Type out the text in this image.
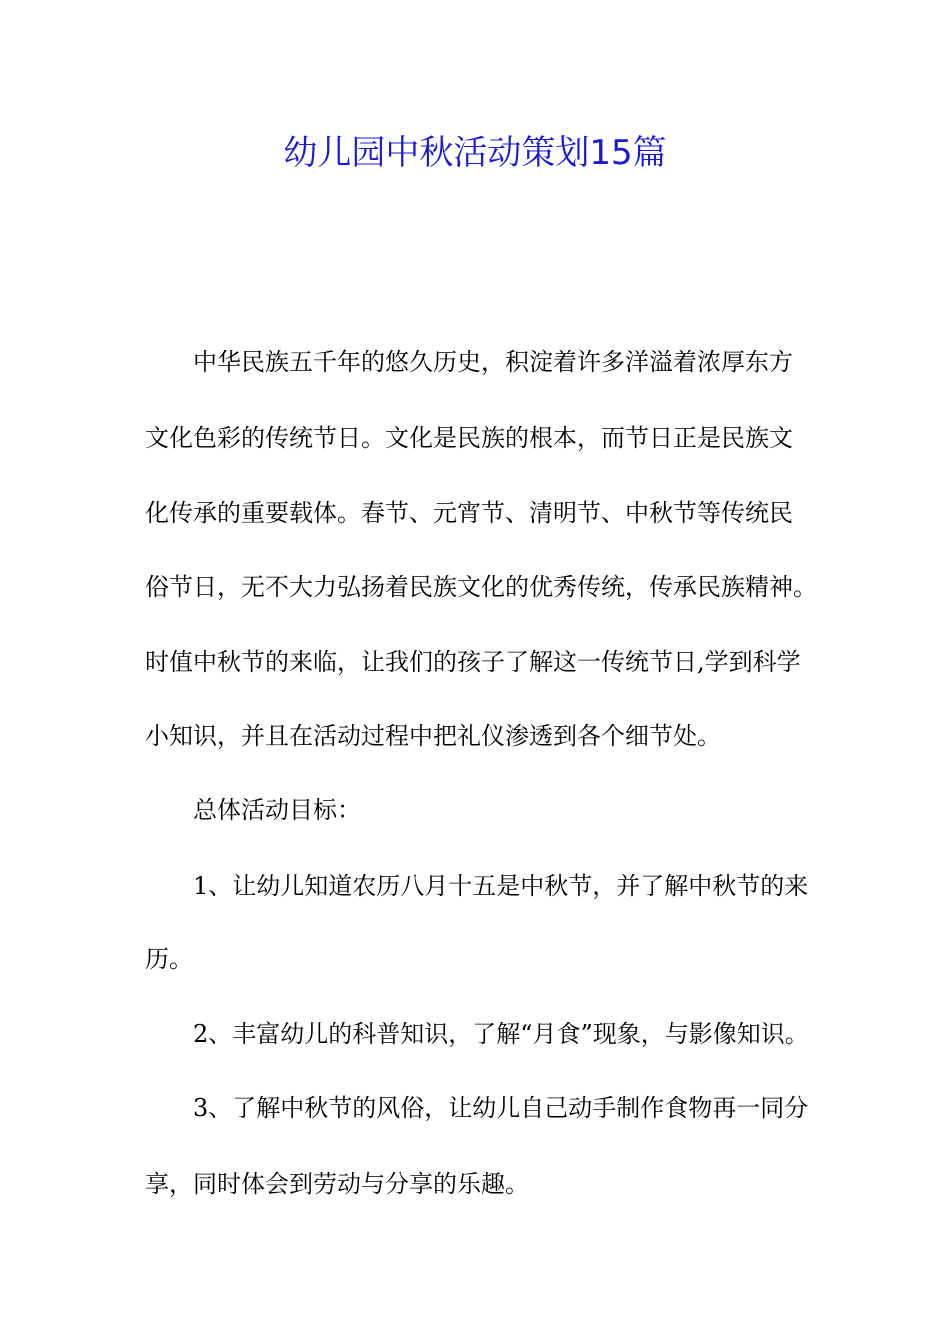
幼儿园中秋活动策划15篇

中华民族五千年的悠久历史，积淀着许多洋溢着浓厚东方

文化色彩的传统节日。文化是民族的根本，而节日正是民族文

化传承的重要载体。春节、元宵节、清明节、中秋节等传统民

俗节日，无不大力弘扬着民族文化的优秀传统，传承民族精神。

时值中秋节的来临，让我们的孩子了解这一传统节日,学到科学

小知识，并且在活动过程中把礼仪渗透到各个细节处。

总体活动目标：

1、让幼儿知道农历八月十五是中秋节，并了解中秋节的来

历。

2、丰富幼儿的科普知识，了解“月食”现象，与影像知识。

3、了解中秋节的风俗，让幼儿自己动手制作食物再一同分

享，同时体会到劳动与分享的乐趣。
